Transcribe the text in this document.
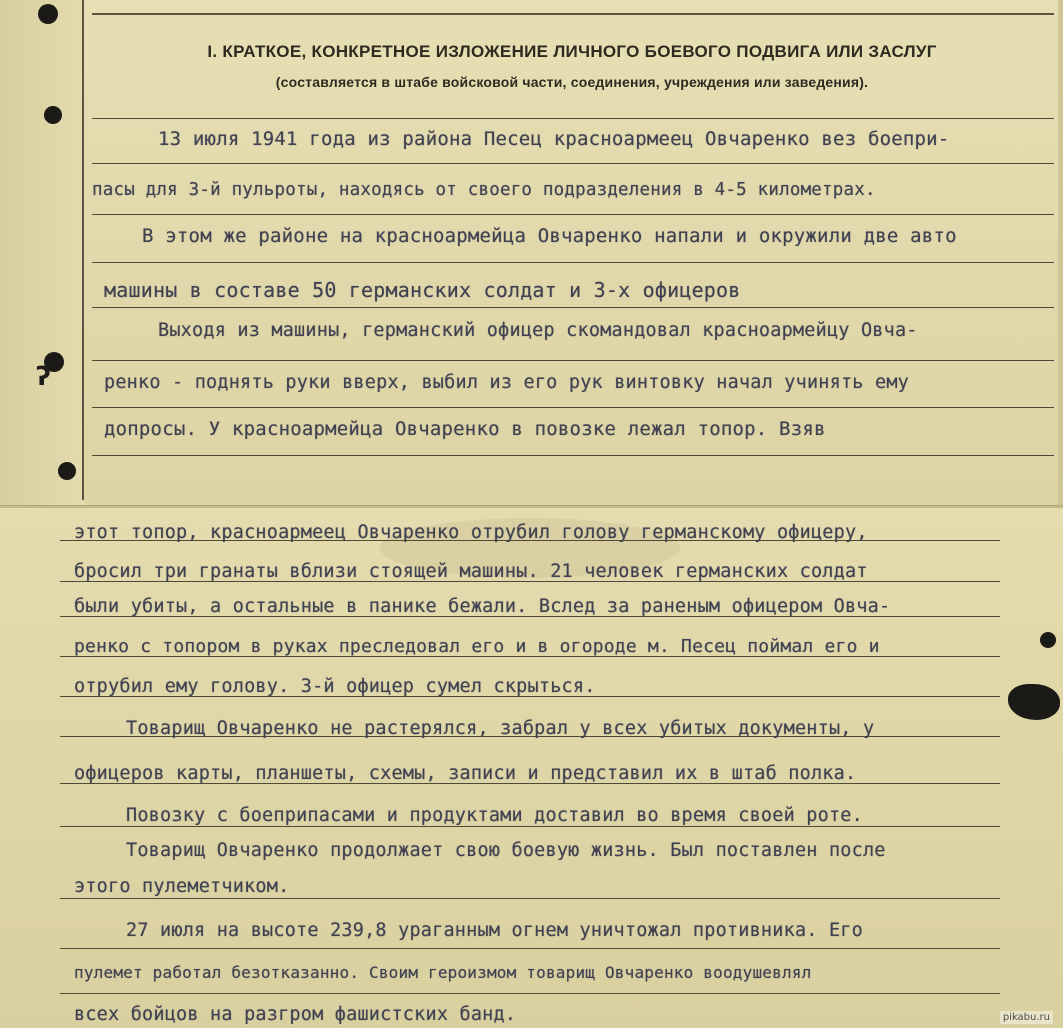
ʔ
I. КРАТКОЕ, КОНКРЕТНОЕ ИЗЛОЖЕНИЕ ЛИЧНОГО БОЕВОГО ПОДВИГА ИЛИ ЗАСЛУГ
(составляется в штабе войсковой части, соединения, учреждения или заведения).
13 июля 1941 года из района Песец красноармеец Овчаренко вез боепри-
пасы для 3-й пульроты, находясь от своего подразделения в 4-5 километрах.
В этом же районе на красноармейца Овчаренко напали и окружили две авто
машины в составе 50 германских солдат и 3-х офицеров
Выходя из машины, германский офицер скомандовал красноармейцу Овча-
ренко - поднять руки вверх, выбил из его рук винтовку начал учинять ему
допросы. У красноармейца Овчаренко в повозке лежал топор. Взяв
этот топор, красноармеец Овчаренко отрубил голову германскому офицеру,
бросил три гранаты вблизи стоящей машины. 21 человек германских солдат
были убиты, а остальные в панике бежали. Вслед за раненым офицером Овча-
ренко с топором в руках преследовал его и в огороде м. Песец поймал его и
отрубил ему голову. 3-й офицер сумел скрыться.
Товарищ Овчаренко не растерялся, забрал у всех убитых документы, у
офицеров карты, планшеты, схемы, записи и представил их в штаб полка.
Повозку с боеприпасами и продуктами доставил во время своей роте.
Товарищ Овчаренко продолжает свою боевую жизнь. Был поставлен после
этого пулеметчиком.
27 июля на высоте 239,8 ураганным огнем уничтожал противника. Его
пулемет работал безотказанно. Своим героизмом товарищ Овчаренко воодушевлял
всех бойцов на разгром фашистских банд.	pikabu.ru
